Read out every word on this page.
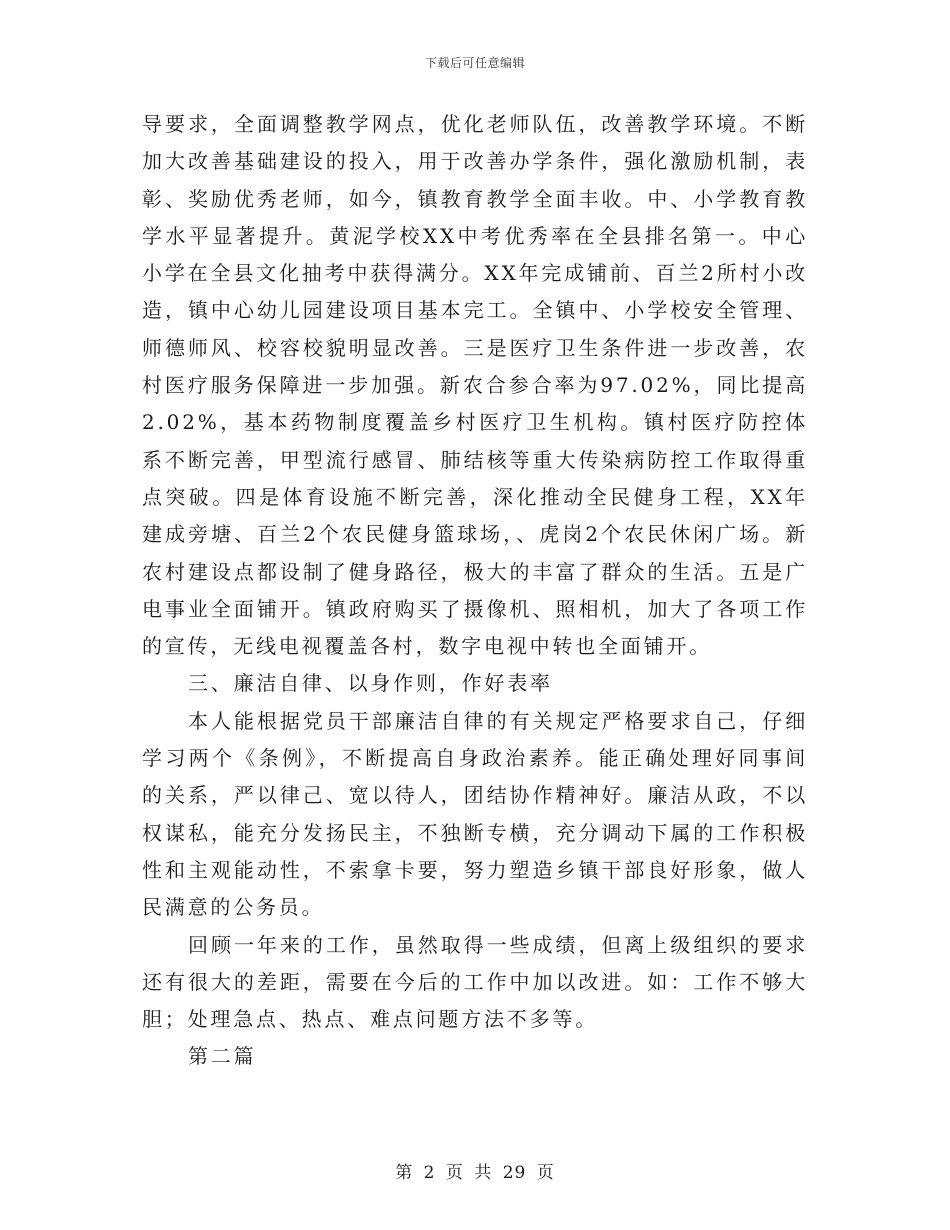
下载后可任意编辑

导要求，全面调整教学网点，优化老师队伍，改善教学环境。不断加大改善基础建设的投入，用于改善办学条件，强化激励机制，表彰、奖励优秀老师，如今，镇教育教学全面丰收。中、小学教育教学水平显著提升。黄泥学校XX中考优秀率在全县排名第一。中心小学在全县文化抽考中获得满分。XX年完成铺前、百兰2所村小改造，镇中心幼儿园建设项目基本完工。全镇中、小学校安全管理、师德师风、校容校貌明显改善。三是医疗卫生条件进一步改善，农村医疗服务保障进一步加强。新农合参合率为97.02%，同比提高2.02%，基本药物制度覆盖乡村医疗卫生机构。镇村医疗防控体系不断完善，甲型流行感冒、肺结核等重大传染病防控工作取得重点突破。四是体育设施不断完善，深化推动全民健身工程，XX年建成旁塘、百兰2个农民健身篮球场，、虎岗2个农民休闲广场。新农村建设点都设制了健身路径，极大的丰富了群众的生活。五是广电事业全面铺开。镇政府购买了摄像机、照相机，加大了各项工作的宣传，无线电视覆盖各村，数字电视中转也全面铺开。

三、廉洁自律、以身作则，作好表率

本人能根据党员干部廉洁自律的有关规定严格要求自己，仔细学习两个《条例》，不断提高自身政治素养。能正确处理好同事间的关系，严以律己、宽以待人，团结协作精神好。廉洁从政，不以权谋私，能充分发扬民主，不独断专横，充分调动下属的工作积极性和主观能动性，不索拿卡要，努力塑造乡镇干部良好形象，做人民满意的公务员。

回顾一年来的工作，虽然取得一些成绩，但离上级组织的要求还有很大的差距，需要在今后的工作中加以改进。如：工作不够大胆；处理急点、热点、难点问题方法不多等。

第二篇

第 2 页 共 29 页
